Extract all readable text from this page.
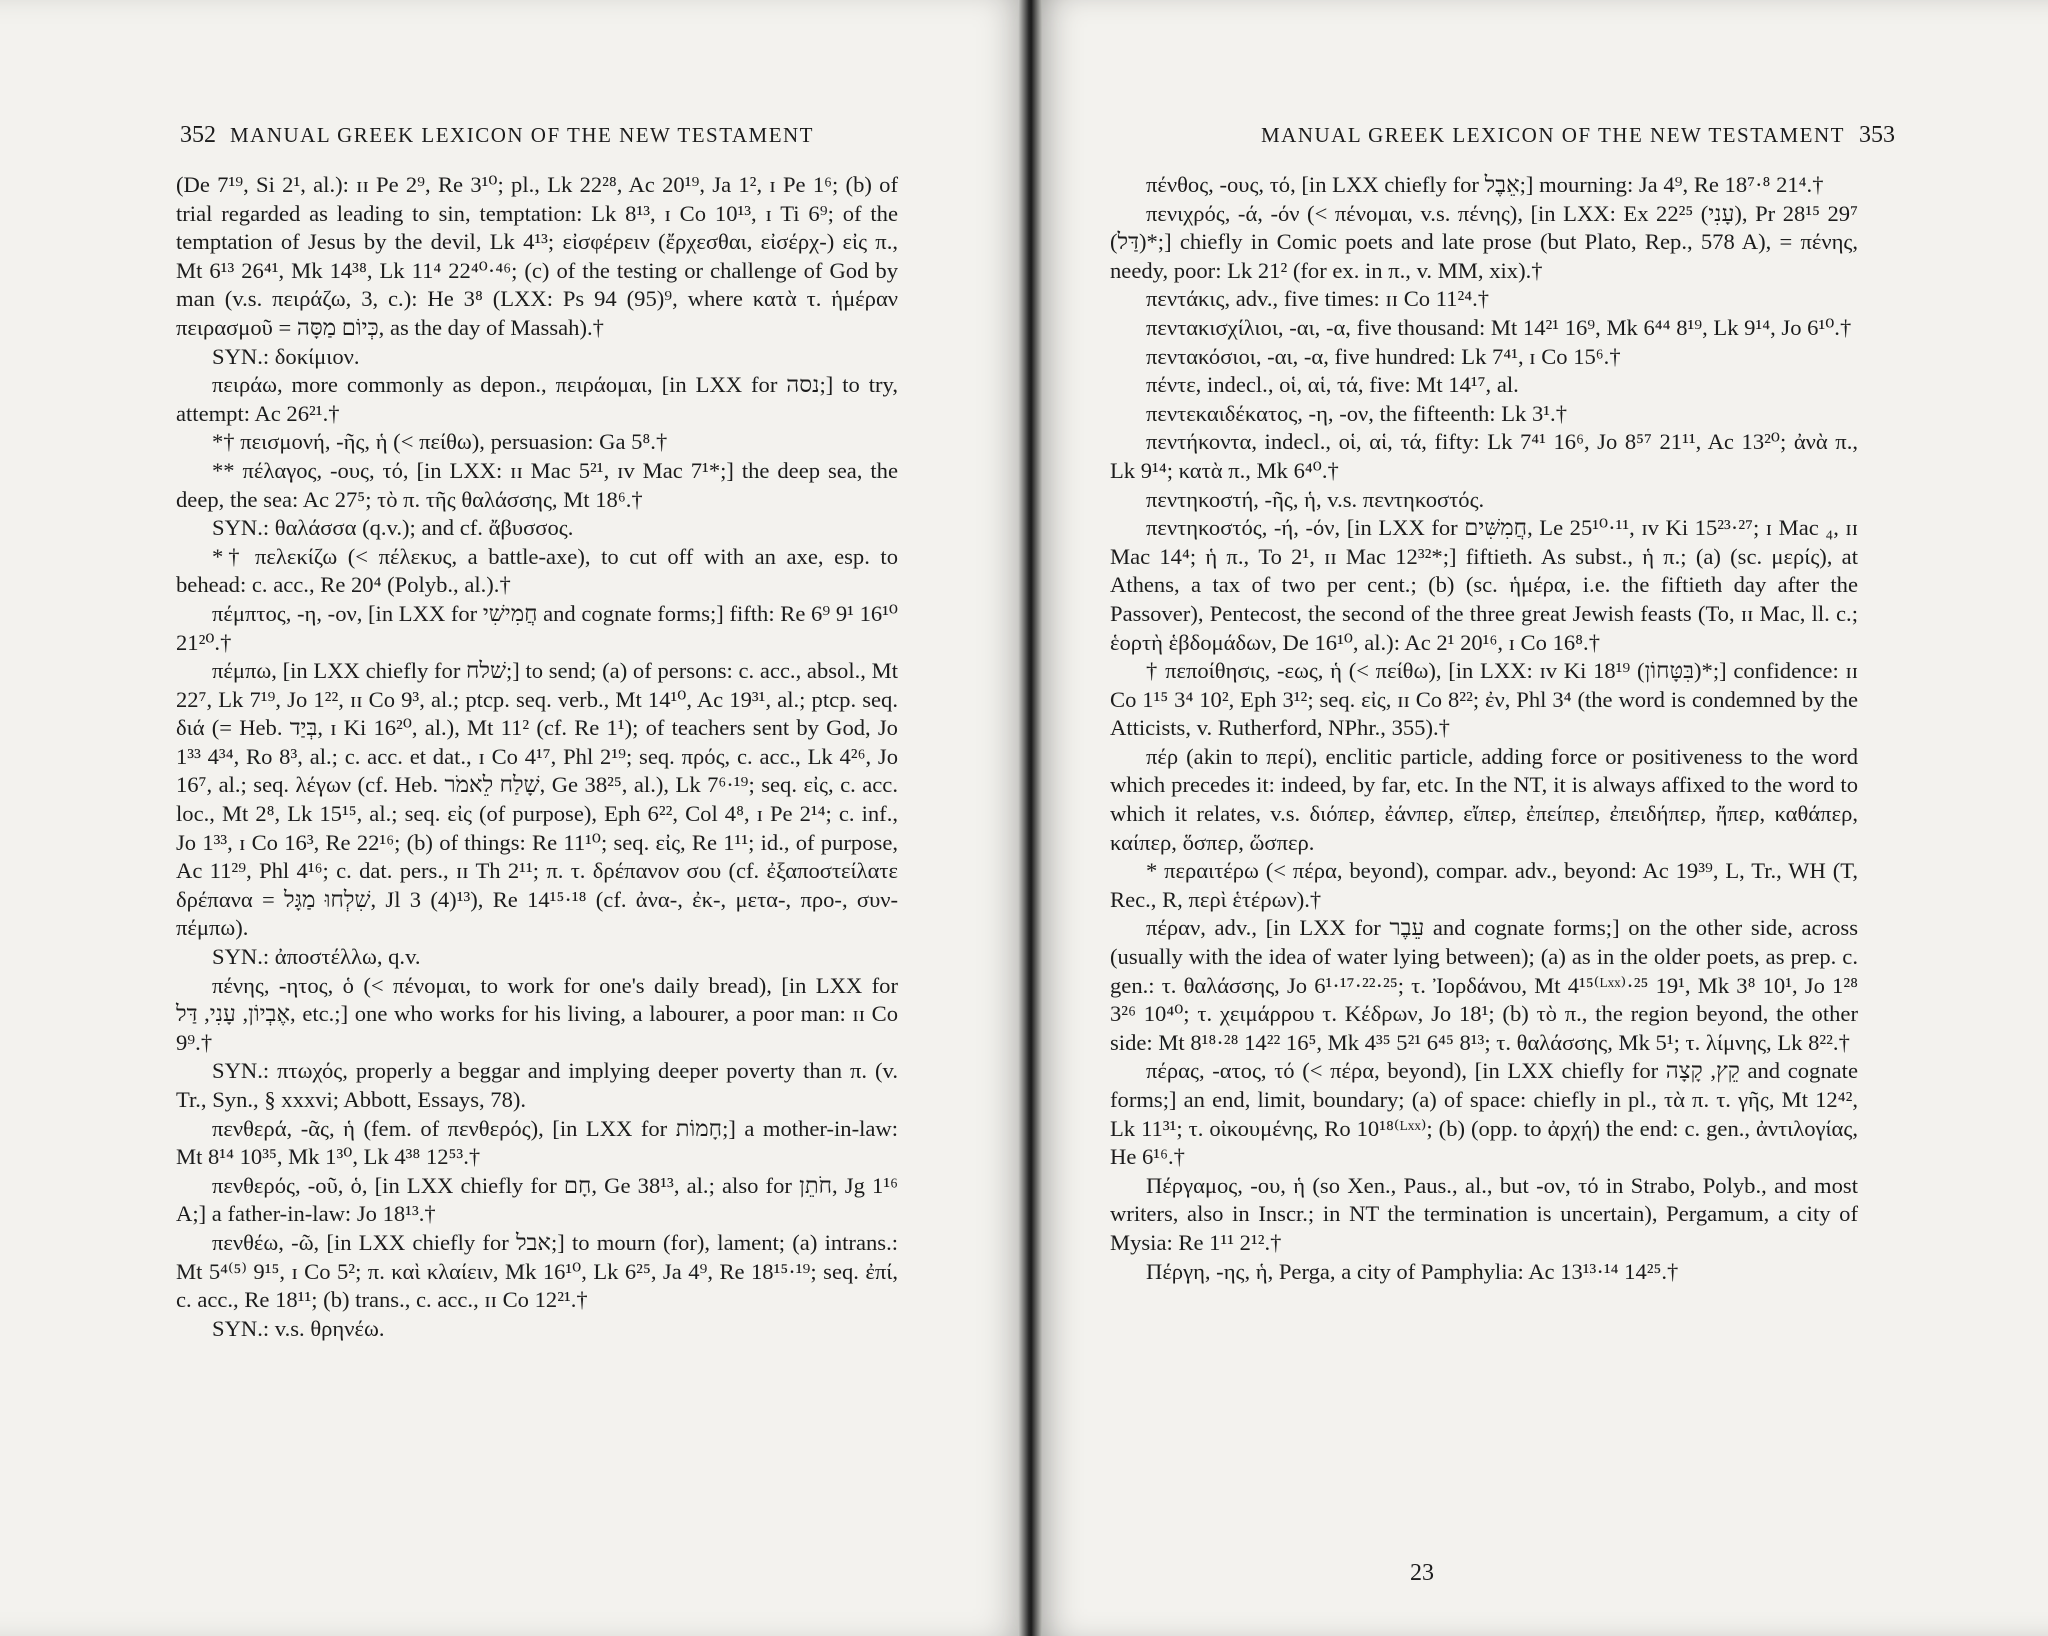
352 MANUAL GREEK LEXICON OF THE NEW TESTAMENT

(De 7¹⁹, Si 2¹, al.): ɪɪ Pe 2⁹, Re 3¹⁰; pl., Lk 22²⁸, Ac 20¹⁹, Ja 1², ɪ Pe 1⁶; (b) of trial regarded as leading to sin, temptation: Lk 8¹³, ɪ Co 10¹³, ɪ Ti 6⁹; of the temptation of Jesus by the devil, Lk 4¹³; εἰσφέρειν (ἔρχεσθαι, εἰσέρχ-) εἰς π., Mt 6¹³ 26⁴¹, Mk 14³⁸, Lk 11⁴ 22⁴⁰·⁴⁶; (c) of the testing or challenge of God by man (v.s. πειράζω, 3, c.): He 3⁸ (LXX: Ps 94 (95)⁹, where κατὰ τ. ἡμέραν πειρασμοῦ = כְּיוֹם מַסָּה, as the day of Massah).†

SYN.: δοκίμιον.

πειράω, more commonly as depon., πειράομαι, [in LXX for נסה;] to try, attempt: Ac 26²¹.†

*† πεισμονή, -ῆς, ἡ (< πείθω), persuasion: Ga 5⁸.†

** πέλαγος, -ους, τό, [in LXX: ɪɪ Mac 5²¹, ɪᴠ Mac 7¹*;] the deep sea, the deep, the sea: Ac 27⁵; τὸ π. τῆς θαλάσσης, Mt 18⁶.†

SYN.: θαλάσσα (q.v.); and cf. ἄβυσσος.

*† πελεκίζω (< πέλεκυς, a battle-axe), to cut off with an axe, esp. to behead: c. acc., Re 20⁴ (Polyb., al.).†

πέμπτος, -η, -ον, [in LXX for חֲמִישִׁי and cognate forms;] fifth: Re 6⁹ 9¹ 16¹⁰ 21²⁰.†

πέμπω, [in LXX chiefly for שׁלח;] to send; (a) of persons: c. acc., absol., Mt 22⁷, Lk 7¹⁹, Jo 1²², ɪɪ Co 9³, al.; ptcp. seq. verb., Mt 14¹⁰, Ac 19³¹, al.; ptcp. seq. διά (= Heb. בְּיַד, ɪ Ki 16²⁰, al.), Mt 11² (cf. Re 1¹); of teachers sent by God, Jo 1³³ 4³⁴, Ro 8³, al.; c. acc. et dat., ɪ Co 4¹⁷, Phl 2¹⁹; seq. πρός, c. acc., Lk 4²⁶, Jo 16⁷, al.; seq. λέγων (cf. Heb. שָׁלַח לֵאמֹר, Ge 38²⁵, al.), Lk 7⁶·¹⁹; seq. εἰς, c. acc. loc., Mt 2⁸, Lk 15¹⁵, al.; seq. εἰς (of purpose), Eph 6²², Col 4⁸, ɪ Pe 2¹⁴; c. inf., Jo 1³³, ɪ Co 16³, Re 22¹⁶; (b) of things: Re 11¹⁰; seq. εἰς, Re 1¹¹; id., of purpose, Ac 11²⁹, Phl 4¹⁶; c. dat. pers., ɪɪ Th 2¹¹; π. τ. δρέπανον σου (cf. ἐξαποστείλατε δρέπανα = שִׁלְחוּ מַגָּל, Jl 3 (4)¹³), Re 14¹⁵·¹⁸ (cf. ἀνα-, ἐκ-, μετα-, προ-, συν-πέμπω).

SYN.: ἀποστέλλω, q.v.

πένης, -ητος, ὁ (< πένομαι, to work for one's daily bread), [in LXX for אֶבְיוֹן, עָנִי, דַּל, etc.;] one who works for his living, a labourer, a poor man: ɪɪ Co 9⁹.†

SYN.: πτωχός, properly a beggar and implying deeper poverty than π. (v. Tr., Syn., § xxxvi; Abbott, Essays, 78).

πενθερά, -ᾶς, ἡ (fem. of πενθερός), [in LXX for חָמוֹת;] a mother-in-law: Mt 8¹⁴ 10³⁵, Mk 1³⁰, Lk 4³⁸ 12⁵³.†

πενθερός, -οῦ, ὁ, [in LXX chiefly for חָם, Ge 38¹³, al.; also for חֹתֵן, Jg 1¹⁶ A;] a father-in-law: Jo 18¹³.†

πενθέω, -ῶ, [in LXX chiefly for אבל;] to mourn (for), lament; (a) intrans.: Mt 5⁴⁽⁵⁾ 9¹⁵, ɪ Co 5²; π. καὶ κλαίειν, Mk 16¹⁰, Lk 6²⁵, Ja 4⁹, Re 18¹⁵·¹⁹; seq. ἐπί, c. acc., Re 18¹¹; (b) trans., c. acc., ɪɪ Co 12²¹.†

SYN.: v.s. θρηνέω.

MANUAL GREEK LEXICON OF THE NEW TESTAMENT 353

πένθος, -ους, τό, [in LXX chiefly for אֵבֶל;] mourning: Ja 4⁹, Re 18⁷·⁸ 21⁴.†

πενιχρός, -ά, -όν (< πένομαι, v.s. πένης), [in LXX: Ex 22²⁵ (עָנִי), Pr 28¹⁵ 29⁷ (דַּל)*;] chiefly in Comic poets and late prose (but Plato, Rep., 578 A), = πένης, needy, poor: Lk 21² (for ex. in π., v. MM, xix).†

πεντάκις, adv., five times: ɪɪ Co 11²⁴.†

πεντακισχίλιοι, -αι, -α, five thousand: Mt 14²¹ 16⁹, Mk 6⁴⁴ 8¹⁹, Lk 9¹⁴, Jo 6¹⁰.†

πεντακόσιοι, -αι, -α, five hundred: Lk 7⁴¹, ɪ Co 15⁶.†

πέντε, indecl., οἱ, αἱ, τά, five: Mt 14¹⁷, al.

πεντεκαιδέκατος, -η, -ον, the fifteenth: Lk 3¹.†

πεντήκοντα, indecl., οἱ, αἱ, τά, fifty: Lk 7⁴¹ 16⁶, Jo 8⁵⁷ 21¹¹, Ac 13²⁰; ἀνὰ π., Lk 9¹⁴; κατὰ π., Mk 6⁴⁰.†

πεντηκοστή, -ῆς, ἡ, v.s. πεντηκοστός.

πεντηκοστός, -ή, -όν, [in LXX for חֲמִשִּׁים, Le 25¹⁰·¹¹, ɪᴠ Ki 15²³·²⁷; ɪ Mac ₄, ɪɪ Mac 14⁴; ἡ π., To 2¹, ɪɪ Mac 12³²*;] fiftieth. As subst., ἡ π.; (a) (sc. μερίς), at Athens, a tax of two per cent.; (b) (sc. ἡμέρα, i.e. the fiftieth day after the Passover), Pentecost, the second of the three great Jewish feasts (To, ɪɪ Mac, ll. c.; ἑορτὴ ἑβδομάδων, De 16¹⁰, al.): Ac 2¹ 20¹⁶, ɪ Co 16⁸.†

† πεποίθησις, -εως, ἡ (< πείθω), [in LXX: ɪᴠ Ki 18¹⁹ (בִּטָּחוֹן)*;] confidence: ɪɪ Co 1¹⁵ 3⁴ 10², Eph 3¹²; seq. εἰς, ɪɪ Co 8²²; ἐν, Phl 3⁴ (the word is condemned by the Atticists, v. Rutherford, NPhr., 355).†

πέρ (akin to περί), enclitic particle, adding force or positiveness to the word which precedes it: indeed, by far, etc. In the NT, it is always affixed to the word to which it relates, v.s. διόπερ, ἐάνπερ, εἴπερ, ἐπείπερ, ἐπειδήπερ, ἤπερ, καθάπερ, καίπερ, ὅσπερ, ὥσπερ.

* περαιτέρω (< πέρα, beyond), compar. adv., beyond: Ac 19³⁹, L, Tr., WH (T, Rec., R, περὶ ἑτέρων).†

πέραν, adv., [in LXX for עֵבֶר and cognate forms;] on the other side, across (usually with the idea of water lying between); (a) as in the older poets, as prep. c. gen.: τ. θαλάσσης, Jo 6¹·¹⁷·²²·²⁵; τ. Ἰορδάνου, Mt 4¹⁵⁽ᴸˣˣ⁾·²⁵ 19¹, Mk 3⁸ 10¹, Jo 1²⁸ 3²⁶ 10⁴⁰; τ. χειμάρρου τ. Κέδρων, Jo 18¹; (b) τὸ π., the region beyond, the other side: Mt 8¹⁸·²⁸ 14²² 16⁵, Mk 4³⁵ 5²¹ 6⁴⁵ 8¹³; τ. θαλάσσης, Mk 5¹; τ. λίμνης, Lk 8²².†

πέρας, -ατος, τό (< πέρα, beyond), [in LXX chiefly for קֵץ, קָצָה and cognate forms;] an end, limit, boundary; (a) of space: chiefly in pl., τὰ π. τ. γῆς, Mt 12⁴², Lk 11³¹; τ. οἰκουμένης, Ro 10¹⁸⁽ᴸˣˣ⁾; (b) (opp. to ἀρχή) the end: c. gen., ἀντιλογίας, He 6¹⁶.†

Πέργαμος, -ου, ἡ (so Xen., Paus., al., but -ον, τό in Strabo, Polyb., and most writers, also in Inscr.; in NT the termination is uncertain), Pergamum, a city of Mysia: Re 1¹¹ 2¹².†

Πέργη, -ης, ἡ, Perga, a city of Pamphylia: Ac 13¹³·¹⁴ 14²⁵.†

23
